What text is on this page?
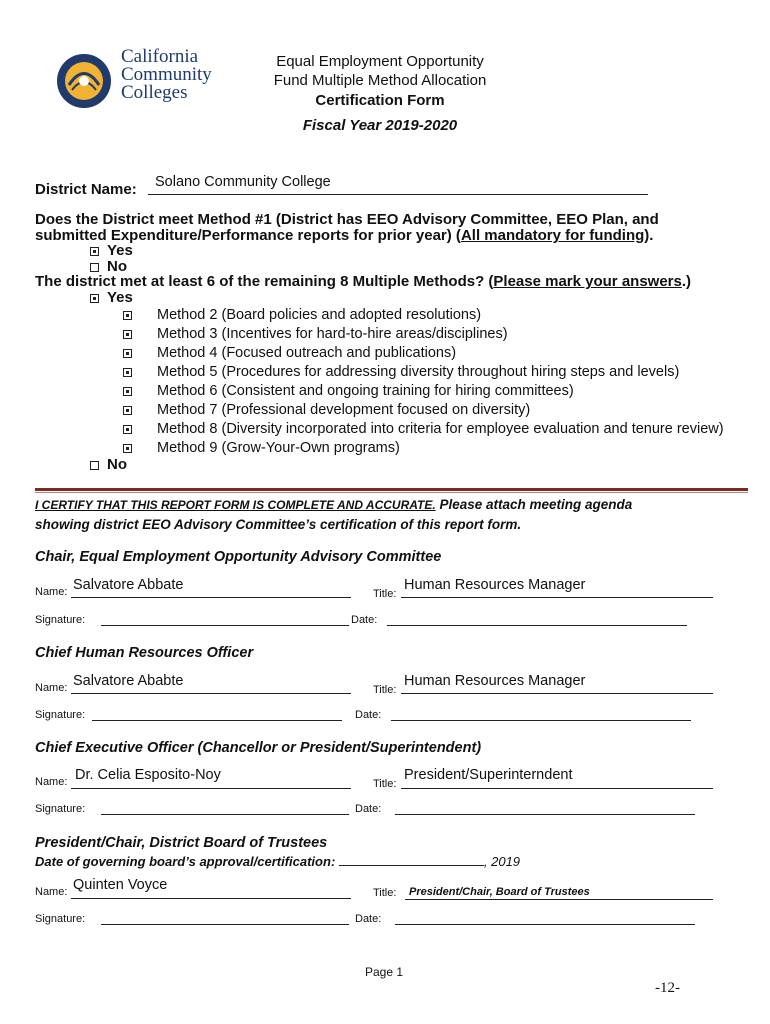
California
Community
Colleges
Equal Employment Opportunity
Fund Multiple Method Allocation
Certification Form
Fiscal Year 2019-2020
District Name: Solano Community College
Does the District meet Method #1 (District has EEO Advisory Committee, EEO Plan, and
submitted Expenditure/Performance reports for prior year) (All mandatory for funding).
Yes
No
The district met at least 6 of the remaining 8 Multiple Methods? (Please mark your answers.)
Yes
Method 2 (Board policies and adopted resolutions)
Method 3 (Incentives for hard-to-hire areas/disciplines)
Method 4 (Focused outreach and publications)
Method 5 (Procedures for addressing diversity throughout hiring steps and levels)
Method 6 (Consistent and ongoing training for hiring committees)
Method 7 (Professional development focused on diversity)
Method 8 (Diversity incorporated into criteria for employee evaluation and tenure review)
Method 9 (Grow-Your-Own programs)
No
I CERTIFY THAT THIS REPORT FORM IS COMPLETE AND ACCURATE. Please attach meeting agenda
showing district EEO Advisory Committee’s certification of this report form.
Chair, Equal Employment Opportunity Advisory Committee
Name: Salvatore Abbate
Title:
Human Resources Manager
Signature:	Date:
Chief Human Resources Officer
Name: Salvatore Ababte
Title:
Human Resources Manager
Signature:	Date:
Chief Executive Officer (Chancellor or President/Superintendent)
Name: Dr. Celia Esposito-Noy
Title:
President/Superinterndent
Signature:	Date:
President/Chair, District Board of Trustees
Date of governing board’s approval/certification:	, 2019
Name: Quinten Voyce	Title: President/Chair, Board of Trustees
Signature:	Date:
Page 1
-12-
